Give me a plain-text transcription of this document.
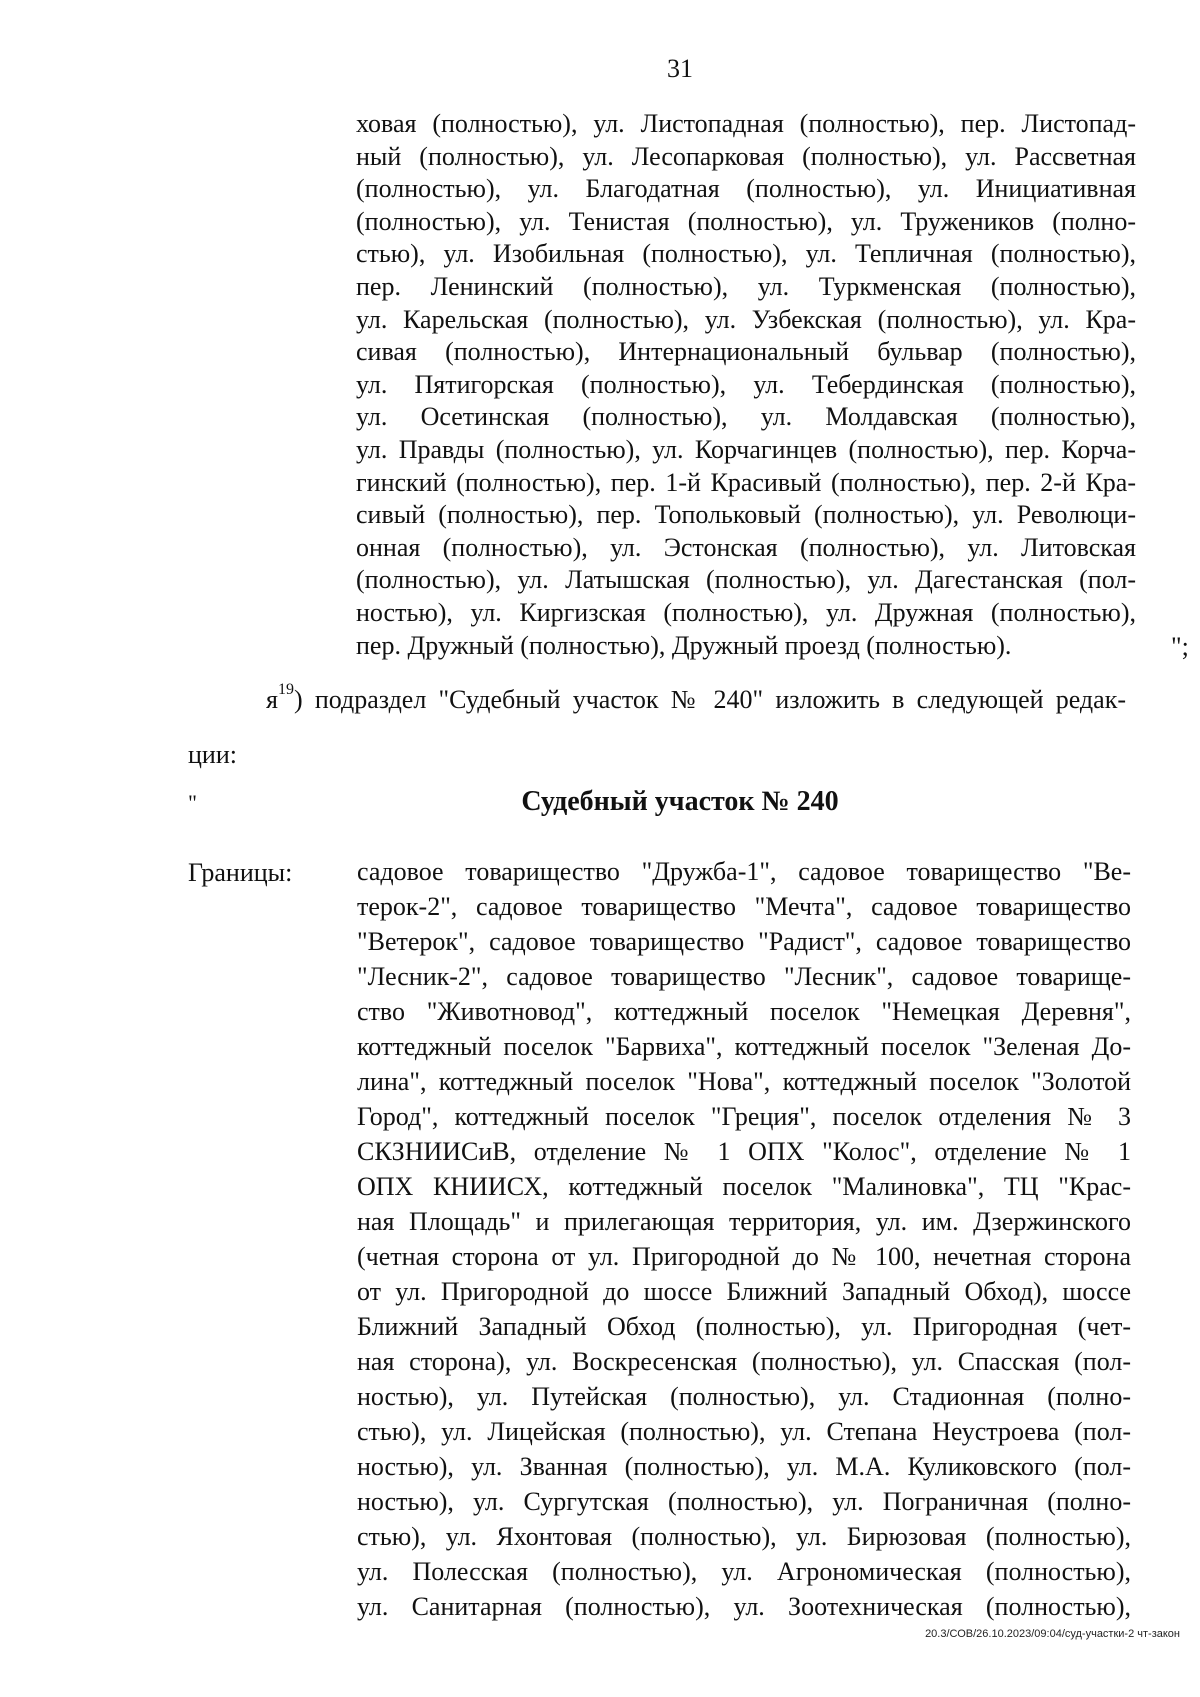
31
ховая (полностью), ул. Листопадная (полностью), пер. Листопад-
ный (полностью), ул. Лесопарковая (полностью), ул. Рассветная
(полностью), ул. Благодатная (полностью), ул. Инициативная
(полностью), ул. Тенистая (полностью), ул. Тружеников (полно-
стью), ул. Изобильная (полностью), ул. Тепличная (полностью),
пер. Ленинский (полностью), ул. Туркменская (полностью),
ул. Карельская (полностью), ул. Узбекская (полностью), ул. Кра-
сивая (полностью), Интернациональный бульвар (полностью),
ул. Пятигорская (полностью), ул. Тебердинская (полностью),
ул. Осетинская (полностью), ул. Молдавская (полностью),
ул. Правды (полностью), ул. Корчагинцев (полностью), пер. Корча-
гинский (полностью), пер. 1-й Красивый (полностью), пер. 2-й Кра-
сивый (полностью), пер. Топольковый (полностью), ул. Революци-
онная (полностью), ул. Эстонская (полностью), ул. Литовская
(полностью), ул. Латышская (полностью), ул. Дагестанская (пол-
ностью), ул. Киргизская (полностью), ул. Дружная (полностью),
пер. Дружный (полностью), Дружный проезд (полностью).	";
$я^{19}$) подраздел "Судебный участок № 240" изложить в следующей редак-
ции:
"	Судебный участок № 240
Границы: садовое товарищество "Дружба-1", садовое товарищество "Ве-
терок-2", садовое товарищество "Мечта", садовое товарищество
"Ветерок", садовое товарищество "Радист", садовое товарищество
"Лесник-2", садовое товарищество "Лесник", садовое товарище-
ство "Животновод", коттеджный поселок "Немецкая Деревня",
коттеджный поселок "Барвиха", коттеджный поселок "Зеленая До-
лина", коттеджный поселок "Нова", коттеджный поселок "Золотой
Город", коттеджный поселок "Греция", поселок отделения № 3
СКЗНИИСиВ, отделение № 1 ОПХ "Колос", отделение № 1
ОПХ КНИИСХ, коттеджный поселок "Малиновка", ТЦ "Крас-
ная Площадь" и прилегающая территория, ул. им. Дзержинского
(четная сторона от ул. Пригородной до № 100, нечетная сторона
от ул. Пригородной до шоссе Ближний Западный Обход), шоссе
Ближний Западный Обход (полностью), ул. Пригородная (чет-
ная сторона), ул. Воскресенская (полностью), ул. Спасская (пол-
ностью), ул. Путейская (полностью), ул. Стадионная (полно-
стью), ул. Лицейская (полностью), ул. Степана Неустроева (пол-
ностью), ул. Званная (полностью), ул. М.А. Куликовского (пол-
ностью), ул. Сургутская (полностью), ул. Пограничная (полно-
стью), ул. Яхонтовая (полностью), ул. Бирюзовая (полностью),
ул. Полесская (полностью), ул. Агрономическая (полностью),
ул. Санитарная (полностью), ул. Зоотехническая (полностью),
20.3/СОВ/26.10.2023/09:04/суд-участки-2 чт-закон
